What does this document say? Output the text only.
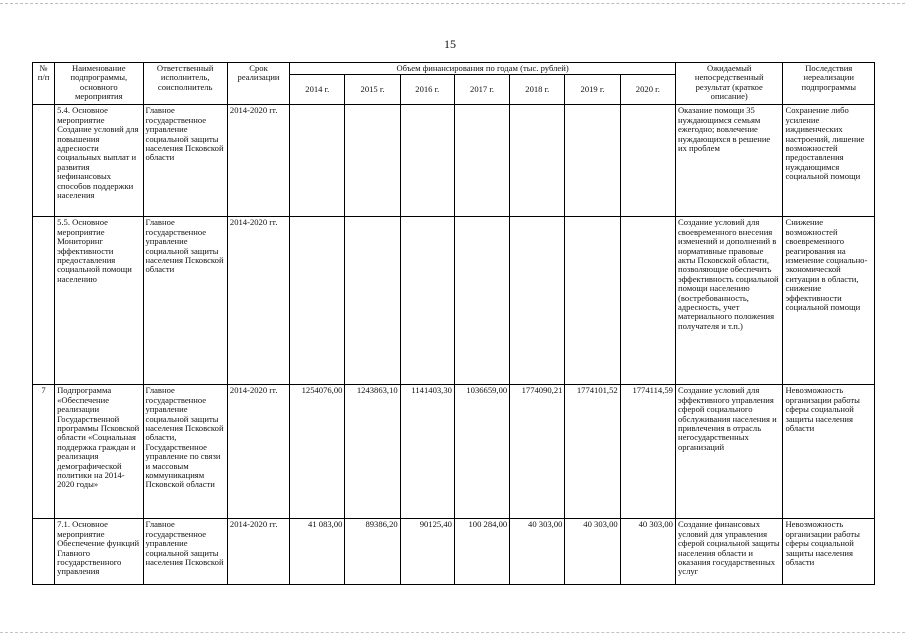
15
№ п/п	Наименование подпрограммы, основного мероприятия	Ответственный исполнитель, соисполнитель	Срок реализации	Объем финансирования по годам (тыс. рублей)							Ожидаемый непосредственный результат (краткое описание)	Последствия нереализации подпрограммы
				2014 г.	2015 г.	2016 г.	2017 г.	2018 г.	2019 г.	2020 г.		
	5.4. Основное мероприятие Создание условий для повышения адресности социальных выплат и развития нефинансовых способов поддержки населения	Главное государственное управление социальной защиты населения Псковской области	2014-2020 гг.								Оказание помощи 35 нуждающимся семьям ежегодно; вовлечение нуждающихся в решение их проблем	Сохранение либо усиление иждивенческих настроений, лишение возможностей предоставления нуждающимся социальной помощи
	5.5. Основное мероприятие Мониторинг эффективности предоставления социальной помощи населению	Главное государственное управление социальной защиты населения Псковской области	2014-2020 гг.								Создание условий для своевременного внесения изменений и дополнений в нормативные правовые акты Псковской области, позволяющие обеспечить эффективность социальной помощи населению (востребованность, адресность, учет материального положения получателя и т.п.)	Снижение возможностей своевременного реагирования на изменение социально-экономической ситуации в области, снижение эффективности социальной помощи
7	Подпрограмма «Обеспечение реализации Государственной программы Псковской области «Социальная поддержка граждан и реализация демографической политики на 2014-2020 годы»	Главное государственное управление социальной защиты населения Псковской области, Государственное управление по связи и массовым коммуникациям Псковской области	2014-2020 гг.	1254076,00	1243863,10	1141403,30	1036659,00	1774090,21	1774101,52	1774114,59	Создание условий для эффективного управления сферой социального обслуживания населения и привлечения в отрасль негосударственных организаций	Невозможность организации работы сферы социальной защиты населения области
	7.1. Основное мероприятие Обеспечение функций Главного государственного управления	Главное государственное управление социальной защиты населения Псковской	2014-2020 гг.	41 083,00	89386,20	90125,40	100 284,00	40 303,00	40 303,00	40 303,00	Создание финансовых условий для управления сферой социальной защиты населения области и оказания государственных услуг	Невозможность организации работы сферы социальной защиты населения области
